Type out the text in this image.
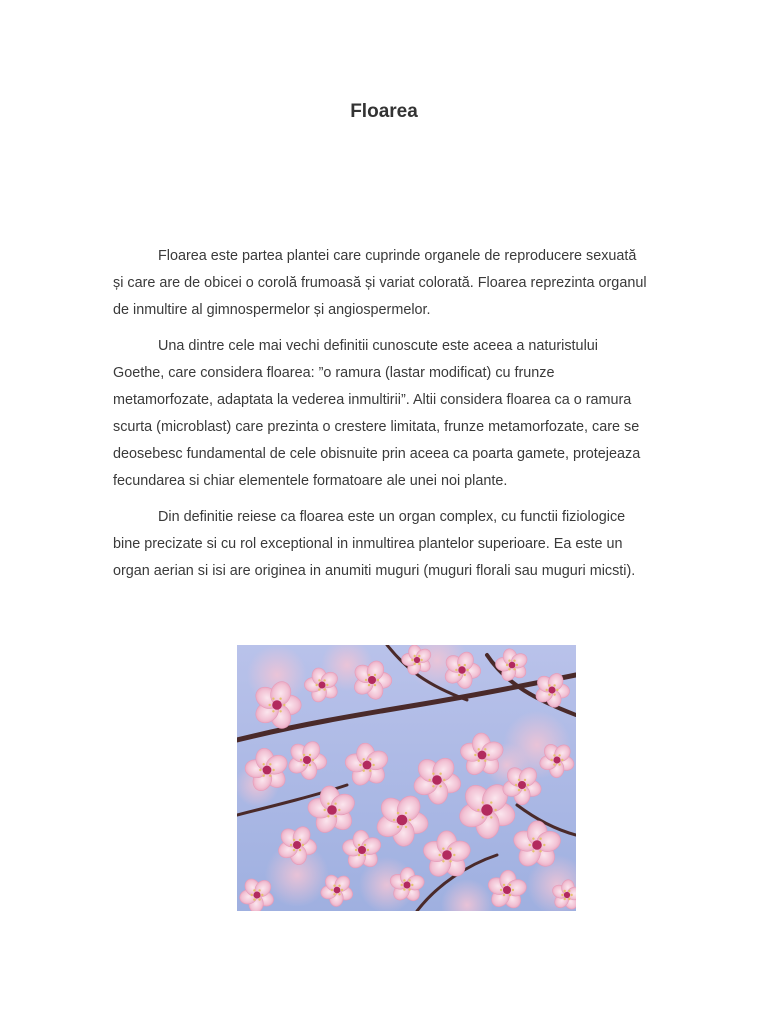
Floarea

Floarea este partea plantei care cuprinde organele de reproducere sexuată și care are de obicei o corolă frumoasă și variat colorată. Floarea reprezinta organul de inmultire al gimnospermelor și angiospermelor.

Una dintre cele mai vechi definitii cunoscute este aceea a naturistului Goethe, care considera floarea: ”o ramura (lastar modificat) cu frunze metamorfozate, adaptata la vederea inmultirii”. Altii considera floarea ca o ramura scurta (microblast) care prezinta o crestere limitata, frunze metamorfozate, care se deosebesc fundamental de cele obisnuite prin aceea ca poarta gamete, protejeaza fecundarea si chiar elementele formatoare ale unei noi plante.

Din definitie reiese ca floarea este un organ complex, cu functii fiziologice bine precizate si cu rol exceptional in inmultirea plantelor superioare. Ea este un organ aerian si isi are originea in anumiti muguri (muguri florali sau muguri micsti).
